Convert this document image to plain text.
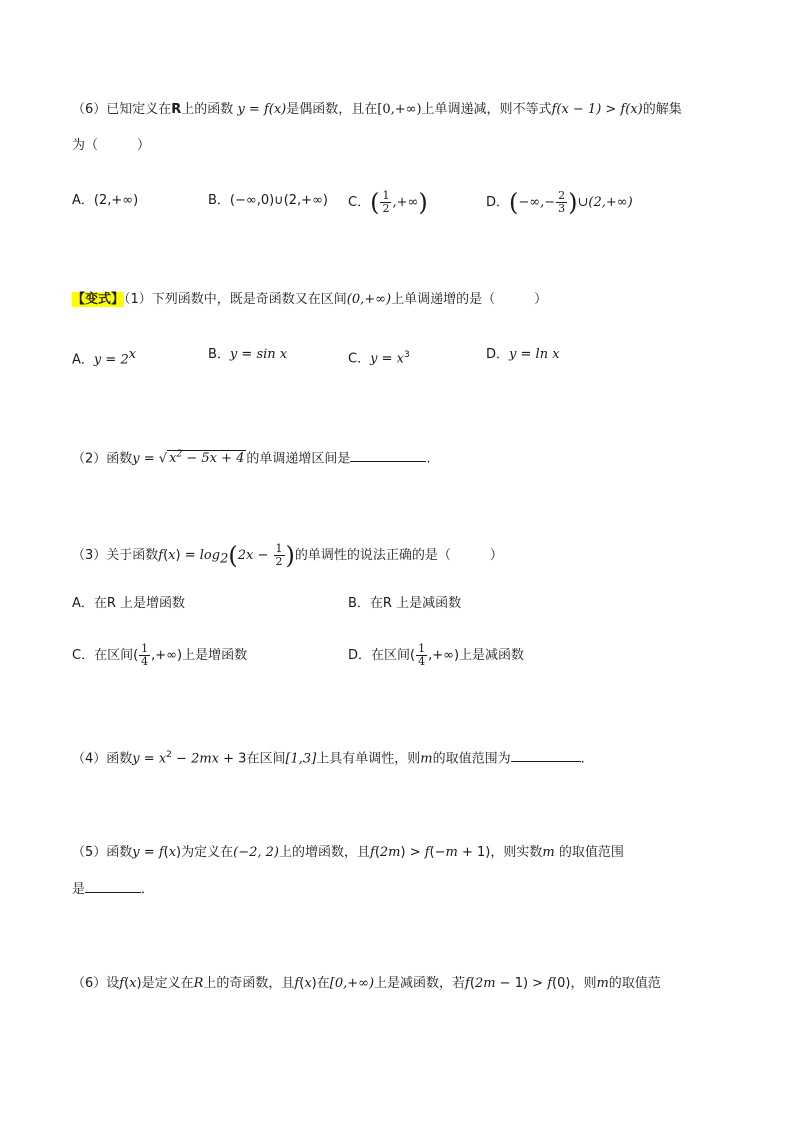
（6）已知定义在R上的函数 y = f(x)是偶函数，且在[0,+∞)上单调递减，则不等式f(x − 1) > f(x)的解集
为（　　　）
A．(2,+∞)	B．(−∞,0)∪(2,+∞) C．( $\frac{1}{2}$ ,+∞)	D．(−∞,− $\frac{2}{3}$ )∪(2,+∞)
【变式】（1）下列函数中，既是奇函数又在区间(0,+∞)上单调递增的是（　　　）
A．$y = 2^x$	B．y = sin x	C．$y = x^3$	D．y = ln x
（2）函数y = √ $x^2 - 5x + 4$ 的单调递增区间是	.
（3）关于函数$f(x) = \log_2(2x - \frac{1}{2}$ )的单调性的说法正确的是（　　　）
A．在R 上是增函数	B．在R 上是减函数
C．在区间( $\frac{1}{4}$ ,+∞)上是增函数	D．在区间( $\frac{1}{4}$ ,+∞)上是减函数
（4）函数$y = x^2 - 2mx + 3$在区间[1,3]上具有单调性，则m的取值范围为	.
（5）函数y = f(x)为定义在(−2, 2)上的增函数，且f(2m) > f(−m + 1)，则实数m 的取值范围
是	．
（6）设f(x)是定义在R上的奇函数，且f(x)在[0,+∞)上是减函数，若f(2m − 1) > f(0)，则m的取值范
